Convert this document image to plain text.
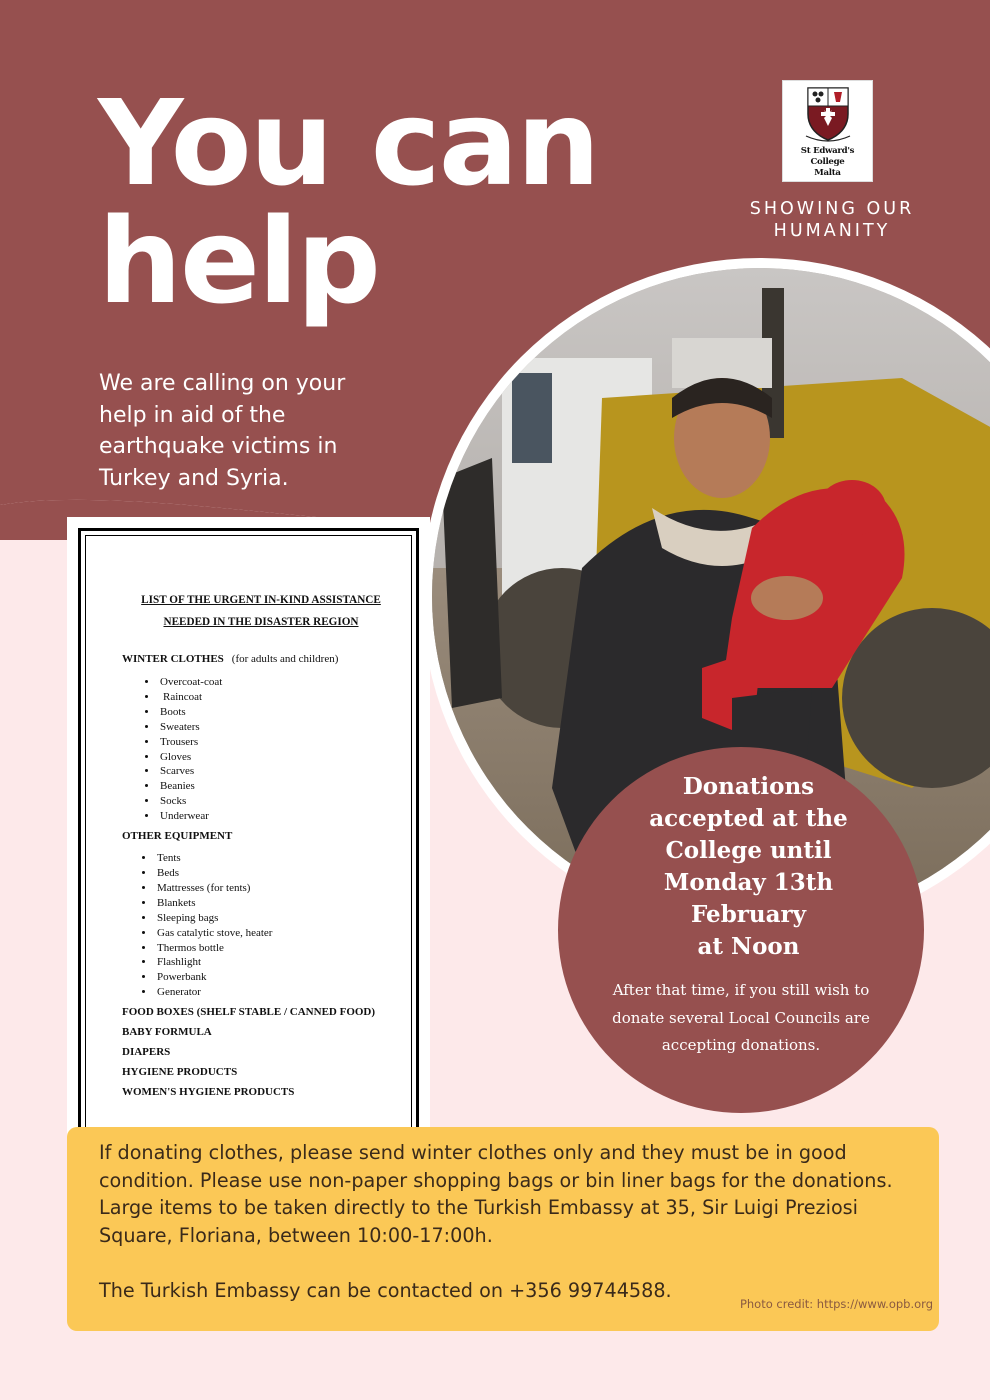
You can
help
We are calling on your help in aid of the earthquake victims in Turkey and Syria.
St Edward's College
Malta
SHOWING OUR
HUMANITY
LIST OF THE URGENT IN-KIND ASSISTANCE
NEEDED IN THE DISASTER REGION
WINTER CLOTHES (for adults and children)
• Overcoat-coat
• Raincoat
• Boots
• Sweaters
• Trousers
• Gloves
• Scarves
• Beanies
• Socks
• Underwear
OTHER EQUIPMENT
• Tents
• Beds
• Mattresses (for tents)
• Blankets
• Sleeping bags
• Gas catalytic stove, heater
• Thermos bottle
• Flashlight
• Powerbank
• Generator
FOOD BOXES (SHELF STABLE / CANNED FOOD)
BABY FORMULA
DIAPERS
HYGIENE PRODUCTS
WOMEN'S HYGIENE PRODUCTS
Donations
accepted at the
College until
Monday 13th
February
at Noon
After that time, if you still wish to donate several Local Councils are accepting donations.
If donating clothes, please send winter clothes only and they must be in good condition. Please use non-paper shopping bags or bin liner bags for the donations. Large items to be taken directly to the Turkish Embassy at 35, Sir Luigi Preziosi Square, Floriana, between 10:00-17:00h.
The Turkish Embassy can be contacted on +356 99744588.
Photo credit: https://www.opb.org
